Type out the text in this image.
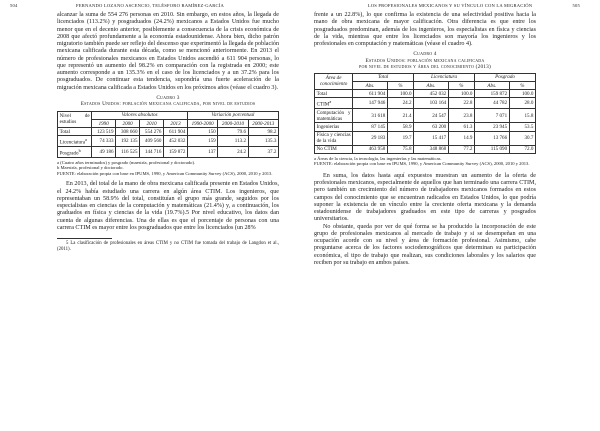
504	FERNANDO LOZANO ASCENCIO, TELÉSFORO RAMÍREZ-GARCÍA

alcanzar la suma de 554 276 personas en 2010. Sin embargo, en estos años, la llegada de licenciados (113.2%) y posgraduados (24.2%) mexicanos a Estados Unidos fue mucho menor que en el decenio anterior, posiblemente a consecuencia de la crisis económica de 2008 que afectó profundamente a la economía estadounidense. Ahora bien, dicho patrón migratorio también puede ser reflejo del descenso que experimentó la llegada de población mexicana calificada durante esta década, como se mencionó anteriormente. En 2013 el número de profesionales mexicanos en Estados Unidos ascendió a 611 904 personas, lo que representó un aumento del 98.2% en comparación con la registrada en 2000; este aumento corresponde a un 135.3% en el caso de los licenciados y a un 37.2% para los posgraduados. De continuar esta tendencia, supondría una fuerte aceleración de la migración mexicana calificada a Estados Unidos en los próximos años (véase el cuadro 3).

Cuadro 3

Estados Unidos: población mexicana calificada, por nivel de estudios

Nivel de estudios	Valores absolutos				Variación porcentual		
	1990	2000	2010	2013	1990-2000	2000-2010	2000-2013
Total	123 519	308 660	554 276	611 904	150	79.6	98.2
Licenciatura$^a$	74 333	192 135	409 560	452 032	159	113.2	135.3
Posgrado$^b$	49 186	116 525	144 716	159 872	137	24.2	37.2

a (Cuatro años terminados) y posgrado (maestría, profesional y doctorado).

b Maestría, profesional y doctorado.

FUENTE: elaboración propia con base en IPUMS, 1990, y American Community Survey (ACS), 2000, 2010 y 2013.

En 2013, del total de la mano de obra mexicana calificada presente en Estados Unidos, el 24.2% había estudiado una carrera en algún área CTIM. Los ingenieros, que representaban un 58.9% del total, constituían el grupo más grande, seguidos por los especialistas en ciencias de la computación y matemáticas (21.4%) y, a continuación, los graduados en física y ciencias de la vida (19.7%).5 Por nivel educativo, los datos dan cuenta de algunas diferencias. Una de ellas es que el porcentaje de personas con una carrera CTIM es mayor entre los posgraduados que entre los licenciados (un 28%

5 La clasificación de profesionales en áreas CTIM y no CTIM fue tomada del trabajo de Langdon et al., (2011).

LOS PROFESIONALES MEXICANOS Y SU VÍNCULO CON LA MIGRACIÓN	505

frente a un 22.8%), lo que confirma la existencia de una selectividad positiva hacia la mano de obra mexicana de mayor calificación. Otra diferencia es que entre los posgraduados predominan, además de los ingenieros, los especialistas en física y ciencias de la vida, mientras que entre los licenciados son mayoría los ingenieros y los profesionales en computación y matemáticas (véase el cuadro 4).

Cuadro 4

Estados Unidos: población mexicana calificada

por nivel de estudios y área del conocimiento (2013)

Área de conocimiento	Total		Licenciatura		Posgrado	
	Abs.	%	Abs.	%	Abs.	%
Total	611 904	100.0	452 032	100.0	159 872	100.0
CTIM$^a$	147 946	24.2	103 164	22.8	44 782	28.0
Computación y matemáticas	31 618	21.4	24 547	23.8	7 071	15.8
Ingenierías	87 145	58.9	63 200	61.3	23 945	53.5
Física y ciencias de la vida	29 183	19.7	15 417	14.9	13 766	30.7
No CTIM	463 958	75.8	348 868	77.2	115 090	72.0

a Áreas de la ciencia, la tecnología, las ingenierías y las matemáticas.

FUENTE: elaboración propia con base en IPUMS, 1990, y American Community Survey (ACS), 2000, 2010 y 2013.

En suma, los datos hasta aquí expuestos muestran un aumento de la oferta de profesionales mexicanos, especialmente de aquellos que han terminado una carrera CTIM, pero también un crecimiento del número de trabajadores mexicanos formados en estos campos del conocimiento que se encuentran radicados en Estados Unidos, lo que podría suponer la existencia de un vínculo entre la creciente oferta mexicana y la demanda estadounidense de trabajadores graduados en este tipo de carreras y posgrados universitarios.

No obstante, queda por ver de qué forma se ha producido la incorporación de este grupo de profesionales mexicanos al mercado de trabajo y si se desempeñan en una ocupación acorde con su nivel y área de formación profesional. Asimismo, cabe preguntarse acerca de los factores sociodemográficos que determinan su participación económica, el tipo de trabajo que realizan, sus condiciones laborales y los salarios que reciben por su trabajo en ambos países.
